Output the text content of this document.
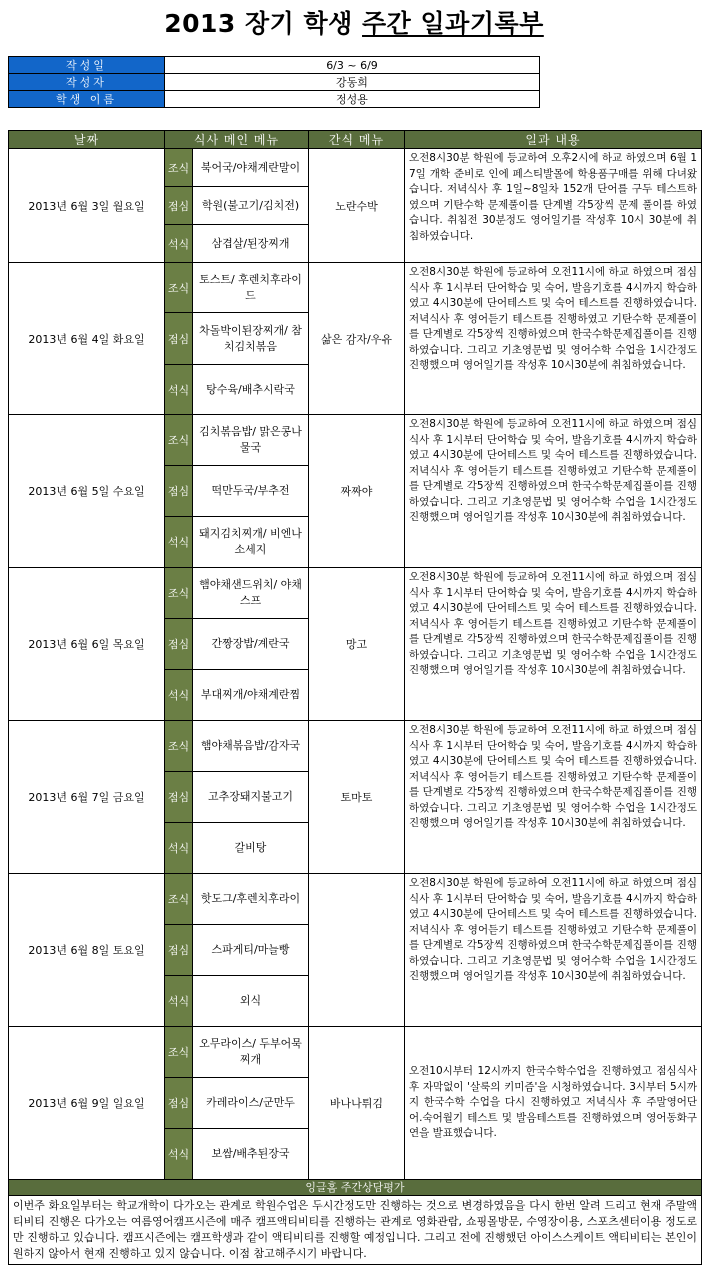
2013 장기 학생 주간 일과기록부
작성일	6/3 ~ 6/9
작성자	강동희
학생 이름	정성용
날짜	식사 메인 메뉴		간식 메뉴	일과 내용
2013년 6월 3일 월요일	조식	북어국/야채계란말이	노란수박	오전8시30분 학원에 등교하여 오후2시에 하교 하였으며 6월 17일 개학 준비로 인에 페스티발몰에 학용품구매를 위해 다녀왔습니다. 저녁식사 후 1일~8일차 152개 단어를 구두 테스트하였으며 기탄수학 문제풀이를 단계별 각5장씩 문제 풀이를 하였습니다. 취침전 30분정도 영어일기를 작성후 10시 30분에 취침하였습니다.
	점심	학원(불고기/김치전)		
	석식	삼겹살/된장찌개		
2013년 6월 4일 화요일	조식	토스트/ 후렌치후라이드	삶은 감자/우유	오전8시30분 학원에 등교하여 오전11시에 하교 하였으며 점심식사 후 1시부터 단어학습 및 숙어, 발음기호를 4시까지 학습하였고 4시30분에 단어테스트 및 숙어 테스트를 진행하였습니다.저녁식사 후 영어듣기 테스트를 진행하였고 기탄수학 문제풀이를 단계별로 각5장씩 진행하였으며 한국수학문제집풀이를 진행하였습니다. 그리고 기초영문법 및 영어수학 수업을 1시간정도 진행했으며 영어일기를 작성후 10시30분에 취침하였습니다.
	점심	차돌박이된장찌개/ 참치김치볶음		
	석식	탕수육/배추시락국		
2013년 6월 5일 수요일	조식	김치볶음밥/ 맑은콩나물국	짜짜야	오전8시30분 학원에 등교하여 오전11시에 하교 하였으며 점심식사 후 1시부터 단어학습 및 숙어, 발음기호를 4시까지 학습하였고 4시30분에 단어테스트 및 숙어 테스트를 진행하였습니다.저녁식사 후 영어듣기 테스트를 진행하였고 기탄수학 문제풀이를 단계별로 각5장씩 진행하였으며 한국수학문제집풀이를 진행하였습니다. 그리고 기초영문법 및 영어수학 수업을 1시간정도 진행했으며 영어일기를 작성후 10시30분에 취침하였습니다.
	점심	떡만두국/부추전		
	석식	돼지김치찌개/ 비엔나소세지		
2013년 6월 6일 목요일	조식	햄야채샌드위치/ 야채스프	망고	오전8시30분 학원에 등교하여 오전11시에 하교 하였으며 점심식사 후 1시부터 단어학습 및 숙어, 발음기호를 4시까지 학습하였고 4시30분에 단어테스트 및 숙어 테스트를 진행하였습니다.저녁식사 후 영어듣기 테스트를 진행하였고 기탄수학 문제풀이를 단계별로 각5장씩 진행하였으며 한국수학문제집풀이를 진행하였습니다. 그리고 기초영문법 및 영어수학 수업을 1시간정도 진행했으며 영어일기를 작성후 10시30분에 취침하였습니다.
	점심	간짱장밥/계란국		
	석식	부대찌개/야채계란찜		
2013년 6월 7일 금요일	조식	햄야채볶음밥/감자국	토마토	오전8시30분 학원에 등교하여 오전11시에 하교 하였으며 점심식사 후 1시부터 단어학습 및 숙어, 발음기호를 4시까지 학습하였고 4시30분에 단어테스트 및 숙어 테스트를 진행하였습니다.저녁식사 후 영어듣기 테스트를 진행하였고 기탄수학 문제풀이를 단계별로 각5장씩 진행하였으며 한국수학문제집풀이를 진행하였습니다. 그리고 기초영문법 및 영어수학 수업을 1시간정도 진행했으며 영어일기를 작성후 10시30분에 취침하였습니다.
	점심	고추장돼지불고기		
	석식	갈비탕		
2013년 6월 8일 토요일	조식	핫도그/후렌치후라이		오전8시30분 학원에 등교하여 오전11시에 하교 하였으며 점심식사 후 1시부터 단어학습 및 숙어, 발음기호를 4시까지 학습하였고 4시30분에 단어테스트 및 숙어 테스트를 진행하였습니다.저녁식사 후 영어듣기 테스트를 진행하였고 기탄수학 문제풀이를 단계별로 각5장씩 진행하였으며 한국수학문제집풀이를 진행하였습니다. 그리고 기초영문법 및 영어수학 수업을 1시간정도 진행했으며 영어일기를 작성후 10시30분에 취침하였습니다.
	점심	스파게티/마늘빵		
	석식	외식		
2013년 6월 9일 일요일	조식	오무라이스/ 두부어묵찌개	바나나튀김	오전10시부터 12시까지 한국수학수업을 진행하였고 점심식사후 자막없이 '살룩의 키미즘'을 시청하였습니다. 3시부터 5시까지 한국수학 수업을 다시 진행하였고 저녁식사 후 주말영어단어.숙어월기 테스트 및 발음테스트를 진행하였으며 영어동화구연을 발표했습니다.
	점심	카레라이스/군만두		
	석식	보쌈/배추된장국		
잉글홈 주간상담평가				
이번주 화요일부터는 학교개학이 다가오는 관계로 학원수업은 두시간정도만 진행하는 것으로 변경하였음을 다시 한번 알려 드리고 현재 주말액티비티 진행은 다가오는 여름영어캠프시즌에 매주 캠프액티비티를 진행하는 관계로 영화관람, 쇼핑몰방문, 수영장이용, 스포츠센터이용 정도로만 진행하고 있습니다. 캠프시즌에는 캠프학생과 같이 액티비티를 진행할 예정입니다. 그리고 전에 진행했던 아이스스케이트 액티비티는 본인이 원하지 않아서 현재 진행하고 있지 않습니다. 이점 참고해주시기 바랍니다.				
